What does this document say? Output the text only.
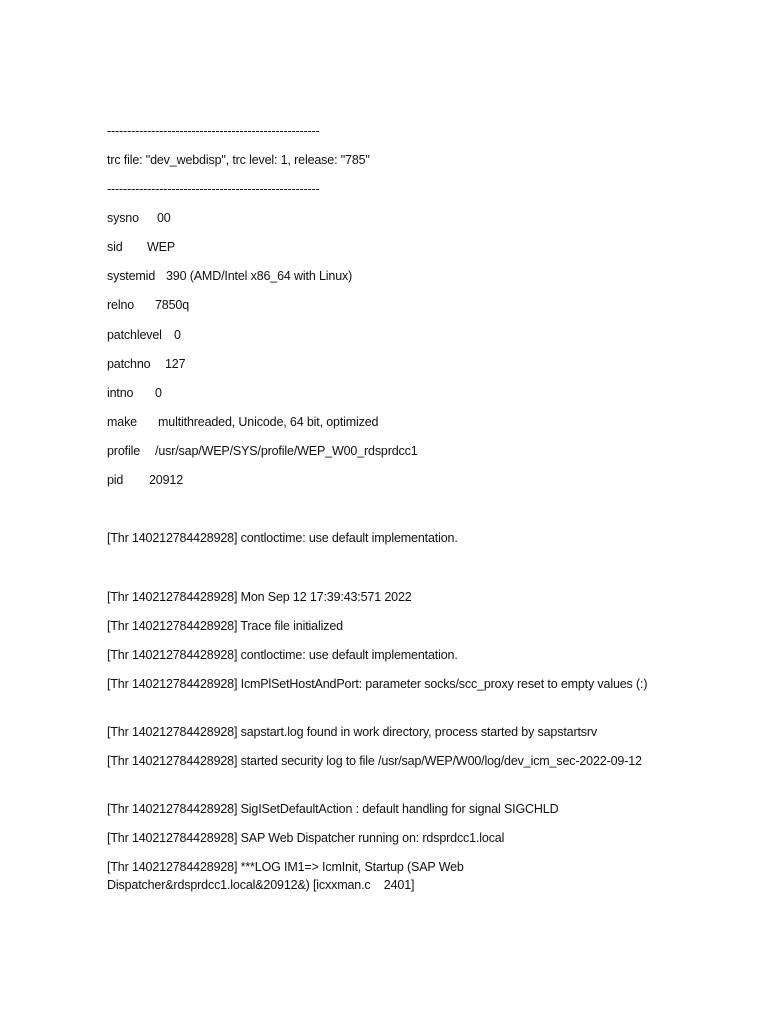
-----------------------------------------------------
trc file: "dev_webdisp", trc level: 1, release: "785"
-----------------------------------------------------
sysno 00
sid WEP
systemid 390 (AMD/Intel x86_64 with Linux)
relno 7850q
patchlevel 0
patchno 127
intno 0
make multithreaded, Unicode, 64 bit, optimized
profile /usr/sap/WEP/SYS/profile/WEP_W00_rdsprdcc1
pid 20912
[Thr 140212784428928] contloctime: use default implementation.
[Thr 140212784428928] Mon Sep 12 17:39:43:571 2022
[Thr 140212784428928] Trace file initialized
[Thr 140212784428928] contloctime: use default implementation.
[Thr 140212784428928] IcmPlSetHostAndPort: parameter socks/scc_proxy reset to empty values (:)
[Thr 140212784428928] sapstart.log found in work directory, process started by sapstartsrv
[Thr 140212784428928] started security log to file /usr/sap/WEP/W00/log/dev_icm_sec-2022-09-12
[Thr 140212784428928] SigISetDefaultAction : default handling for signal SIGCHLD
[Thr 140212784428928] SAP Web Dispatcher running on: rdsprdcc1.local
[Thr 140212784428928] ***LOG IM1=> IcmInit, Startup (SAP Web Dispatcher&rdsprdcc1.local&20912&) [icxxman.c    2401]
